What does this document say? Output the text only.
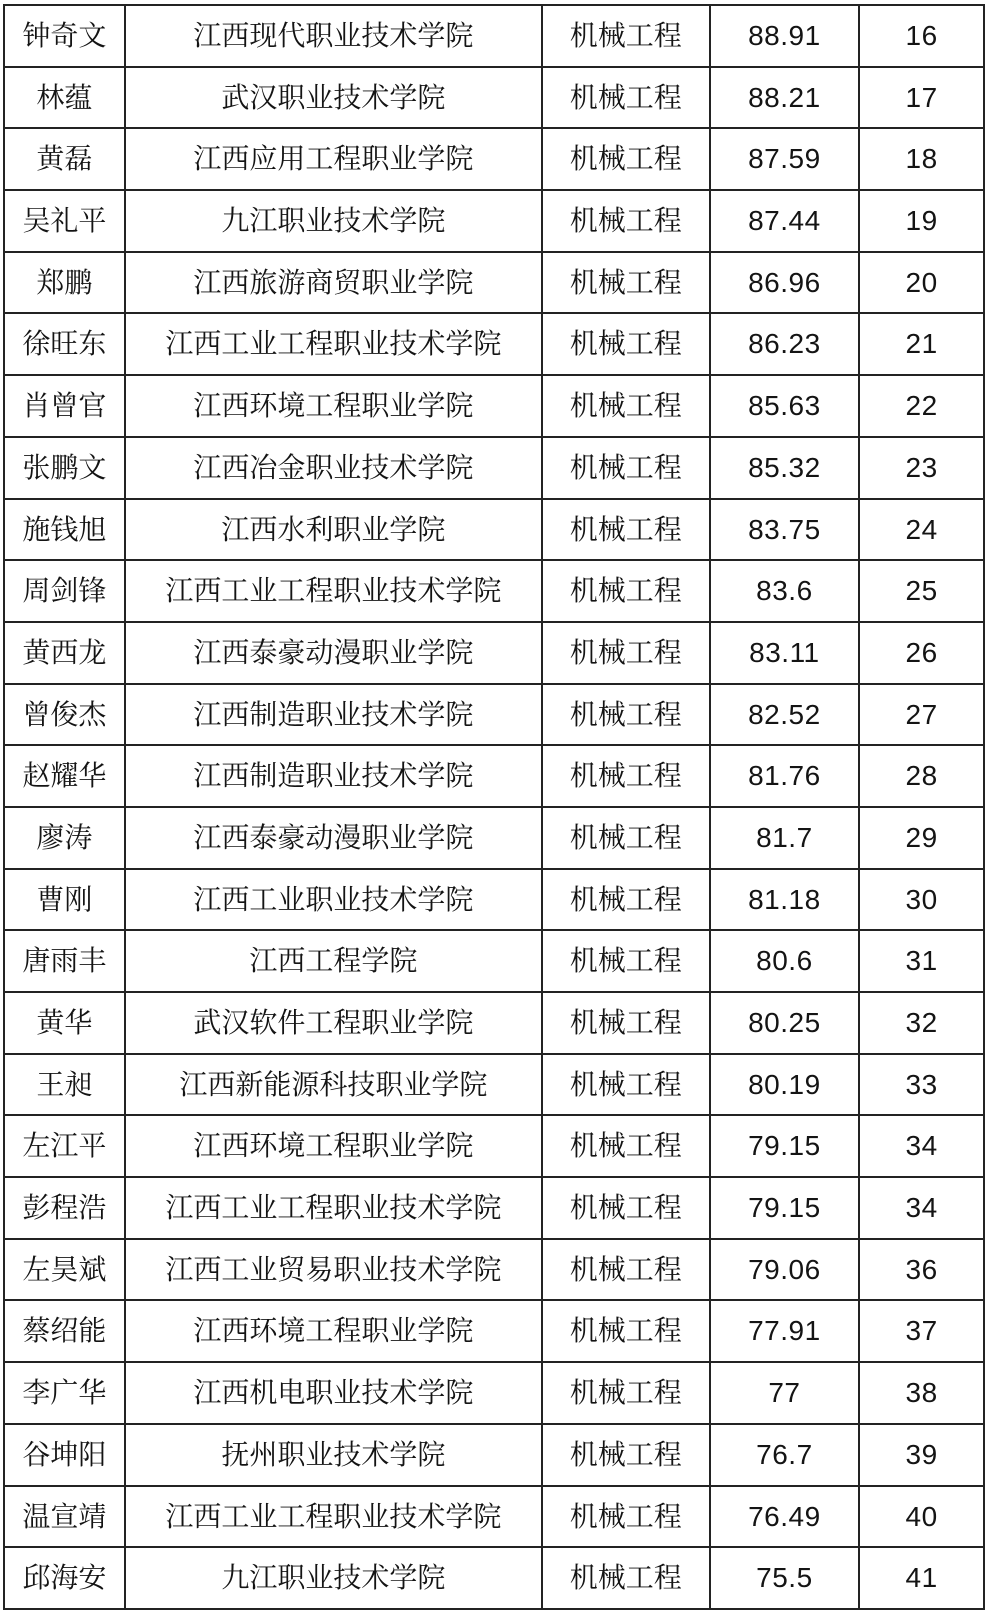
钟奇文	江西现代职业技术学院	机械工程	88.91	16
林蕴	武汉职业技术学院	机械工程	88.21	17
黄磊	江西应用工程职业学院	机械工程	87.59	18
吴礼平	九江职业技术学院	机械工程	87.44	19
郑鹏	江西旅游商贸职业学院	机械工程	86.96	20
徐旺东	江西工业工程职业技术学院	机械工程	86.23	21
肖曾官	江西环境工程职业学院	机械工程	85.63	22
张鹏文	江西冶金职业技术学院	机械工程	85.32	23
施钱旭	江西水利职业学院	机械工程	83.75	24
周剑锋	江西工业工程职业技术学院	机械工程	83.6	25
黄西龙	江西泰豪动漫职业学院	机械工程	83.11	26
曾俊杰	江西制造职业技术学院	机械工程	82.52	27
赵耀华	江西制造职业技术学院	机械工程	81.76	28
廖涛	江西泰豪动漫职业学院	机械工程	81.7	29
曹刚	江西工业职业技术学院	机械工程	81.18	30
唐雨丰	江西工程学院	机械工程	80.6	31
黄华	武汉软件工程职业学院	机械工程	80.25	32
王昶	江西新能源科技职业学院	机械工程	80.19	33
左江平	江西环境工程职业学院	机械工程	79.15	34
彭程浩	江西工业工程职业技术学院	机械工程	79.15	34
左昊斌	江西工业贸易职业技术学院	机械工程	79.06	36
蔡绍能	江西环境工程职业学院	机械工程	77.91	37
李广华	江西机电职业技术学院	机械工程	77	38
谷坤阳	抚州职业技术学院	机械工程	76.7	39
温宣靖	江西工业工程职业技术学院	机械工程	76.49	40
邱海安	九江职业技术学院	机械工程	75.5	41
